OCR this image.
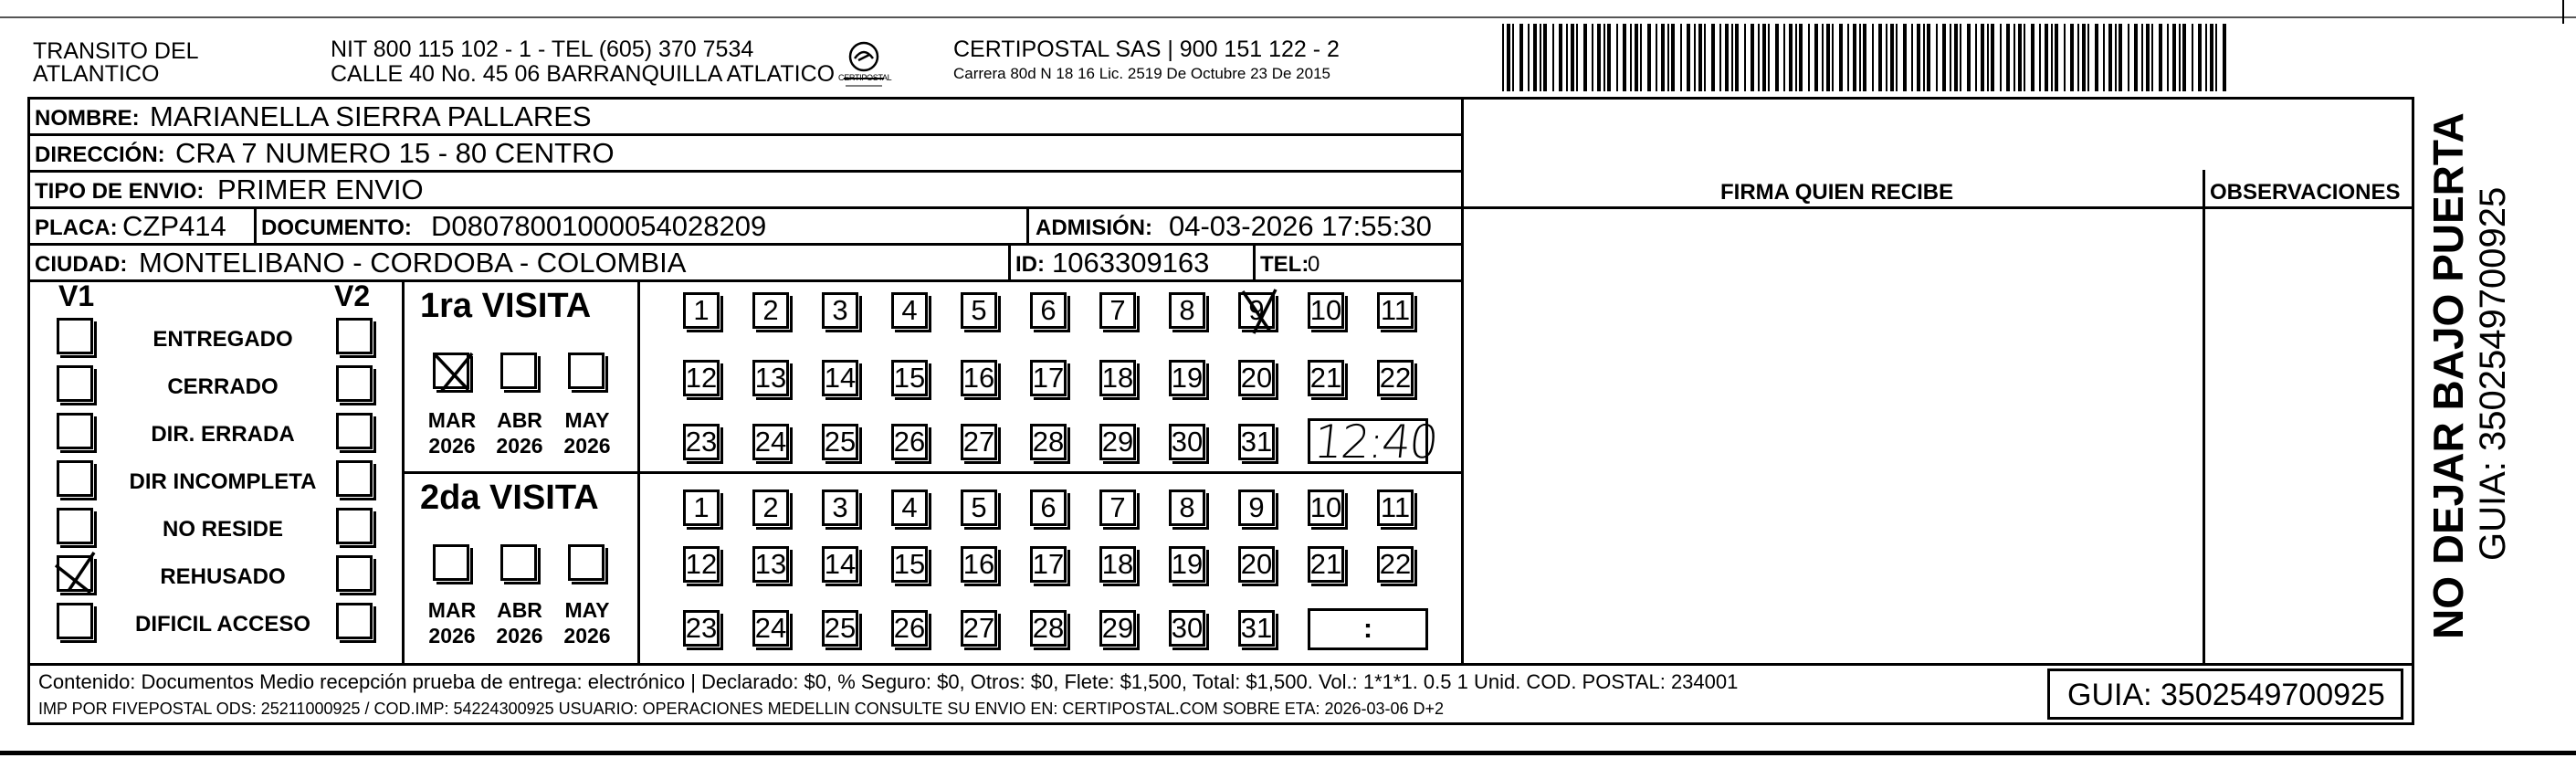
TRANSITO DEL
ATLANTICO
NIT 800 115 102 - 1 - TEL (605) 370 7534
CALLE 40 No. 45 06 BARRANQUILLA ATLATICO CERTIPOSTAL
CERTIPOSTAL SAS | 900 151 122 - 2
Carrera 80d N 18 16 Lic. 2519 De Octubre 23 De 2015
NOMBRE: MARIANELLA SIERRA PALLARES
DIRECCIÓN: CRA 7 NUMERO 15 - 80 CENTRO
TIPO DE ENVIO: PRIMER ENVIO
PLACA: CZP414 DOCUMENTO: D08078001000054028209	ADMISIÓN: 04-03-2026 17:55:30
CIUDAD: MONTELIBANO - CORDOBA - COLOMBIA	ID: 1063309163 TEL:
0
FIRMA QUIEN RECIBE	OBSERVACIONES
V1	V2
ENTREGADO
CERRADO
DIR. ERRADA
DIR INCOMPLETA
NO RESIDE
REHUSADO
DIFICIL ACCESO
1ra VISITA
2da VISITA
MAR
2026
ABR
2026
MAY
2026
MAR
2026
ABR
2026
MAY
2026
1 2 3 4 5 6 7 8 9 10 11
12 13 14 15 16 17 18 19 20 21 22
23 24 25 26 27 28 29 30 31
1 2 3 4 5 6 7 8 9 10 11
12 13 14 15 16 17 18 19 20 21 22
23 24 25 26 27 28 29 30 31
12:40
:
Contenido: Documentos Medio recepción prueba de entrega: electrónico | Declarado: $0, % Seguro: $0, Otros: $0, Flete: $1,500, Total: $1,500. Vol.: 1*1*1. 0.5 1 Unid. COD. POSTAL: 234001
IMP POR FIVEPOSTAL ODS: 25211000925 / COD.IMP: 54224300925 USUARIO: OPERACIONES MEDELLIN CONSULTE SU ENVIO EN: CERTIPOSTAL.COM SOBRE ETA: 2026-03-06 D+2	GUIA: 3502549700925
NO DEJAR BAJO PUERTA GUIA: 3502549700925
